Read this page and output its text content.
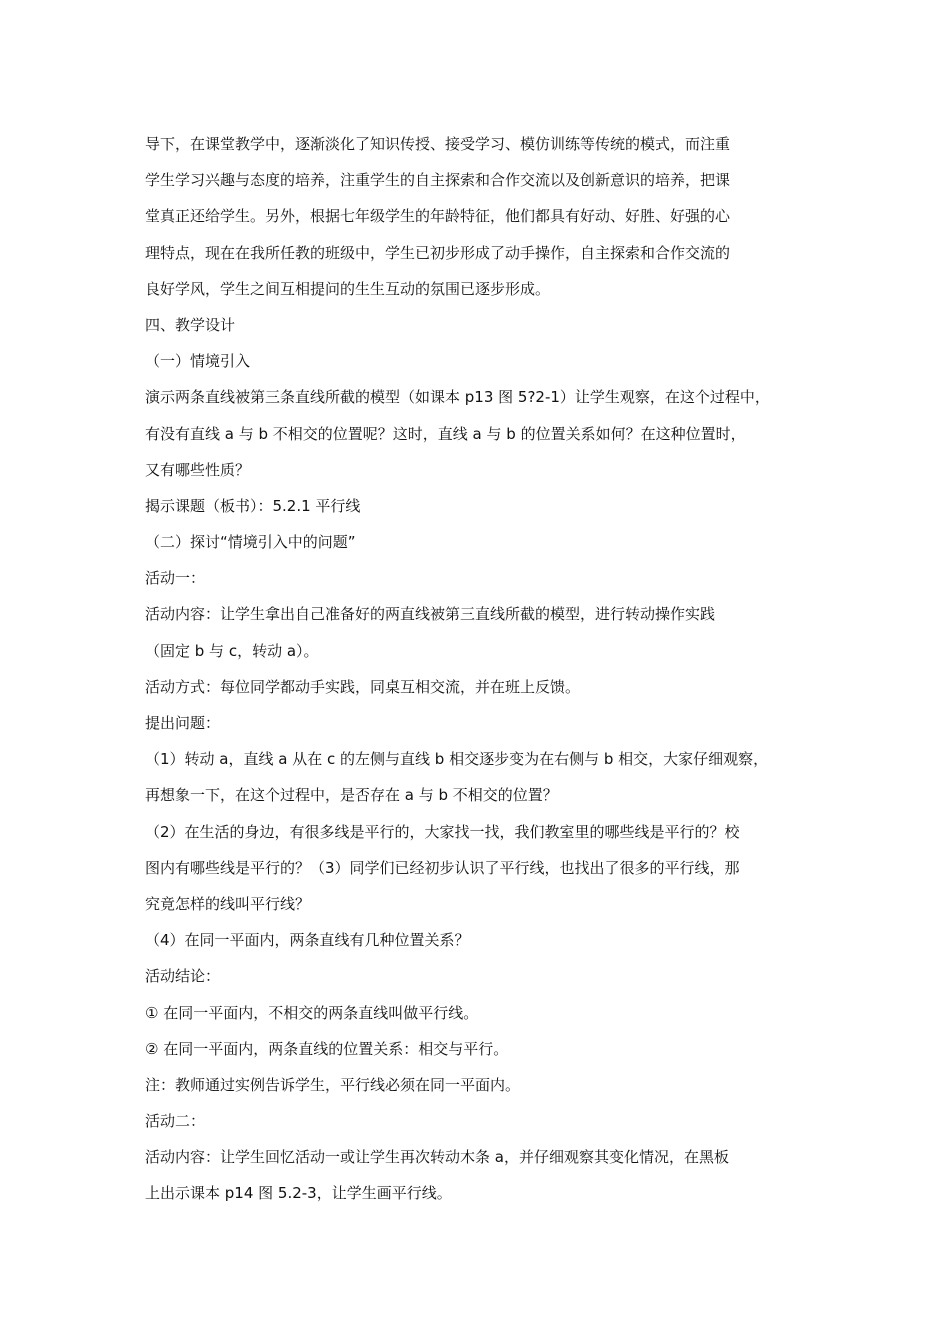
导下，在课堂教学中，逐渐淡化了知识传授、接受学习、模仿训练等传统的模式，而注重
学生学习兴趣与态度的培养，注重学生的自主探索和合作交流以及创新意识的培养，把课
堂真正还给学生。另外，根据七年级学生的年龄特征，他们都具有好动、好胜、好强的心
理特点，现在在我所任教的班级中，学生已初步形成了动手操作，自主探索和合作交流的
良好学风，学生之间互相提问的生生互动的氛围已逐步形成。
四、教学设计
（一）情境引入
演示两条直线被第三条直线所截的模型（如课本 p13 图 5?2-1）让学生观察，在这个过程中，
有没有直线 a 与 b 不相交的位置呢？这时，直线 a 与 b 的位置关系如何？在这种位置时，
又有哪些性质？
揭示课题（板书）：5.2.1 平行线
（二）探讨“情境引入中的问题”
活动一：
活动内容：让学生拿出自己准备好的两直线被第三直线所截的模型，进行转动操作实践
（固定 b 与 c，转动 a）。
活动方式：每位同学都动手实践，同桌互相交流，并在班上反馈。
提出问题：
（1）转动 a，直线 a 从在 c 的左侧与直线 b 相交逐步变为在右侧与 b 相交，大家仔细观察，
再想象一下，在这个过程中，是否存在 a 与 b 不相交的位置？
（2）在生活的身边，有很多线是平行的，大家找一找，我们教室里的哪些线是平行的？校
图内有哪些线是平行的？（3）同学们已经初步认识了平行线，也找出了很多的平行线，那
究竟怎样的线叫平行线？
（4）在同一平面内，两条直线有几种位置关系？
活动结论：
① 在同一平面内，不相交的两条直线叫做平行线。
② 在同一平面内，两条直线的位置关系：相交与平行。
注：教师通过实例告诉学生，平行线必须在同一平面内。
活动二：
活动内容：让学生回忆活动一或让学生再次转动木条 a，并仔细观察其变化情况，在黑板
上出示课本 p14 图 5.2-3，让学生画平行线。
